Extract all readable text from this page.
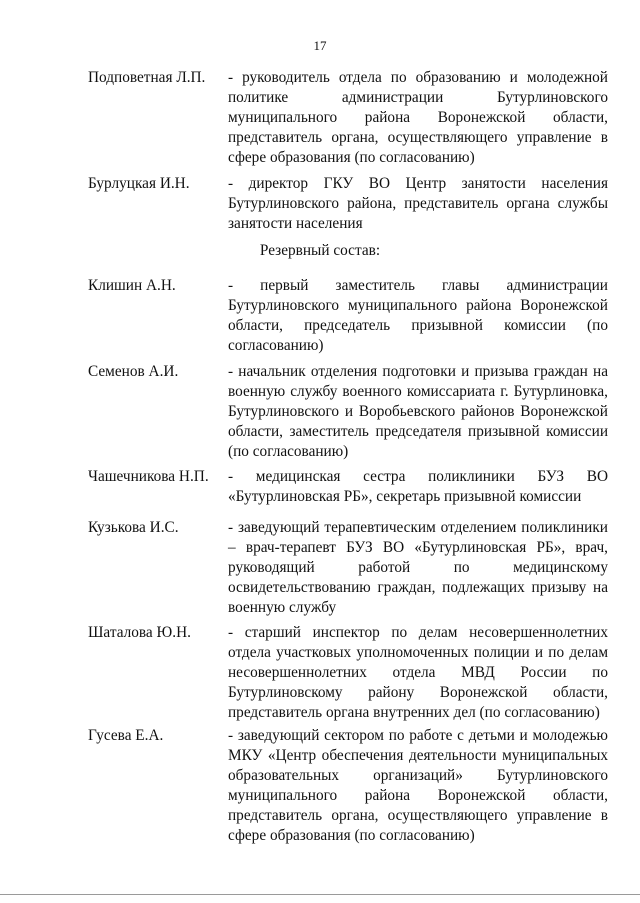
17
Подповетная Л.П. - руководитель отдела по образованию и молодежной политике администрации Бутурлиновского муниципального района Воронежской области, представитель органа, осуществляющего управление в сфере образования (по согласованию)
Бурлуцкая И.Н.	- директор ГКУ ВО Центр занятости населения Бутурлиновского района, представитель органа службы занятости населения
Резервный состав:
Клишин А.Н.	- первый заместитель главы администрации Бутурлиновского муниципального района Воронежской области, председатель призывной комиссии (по согласованию)
Семенов А.И.	- начальник отделения подготовки и призыва граждан на военную службу военного комиссариата г. Бутурлиновка, Бутурлиновского и Воробьевского районов Воронежской области, заместитель председателя призывной комиссии (по согласованию)
Чашечникова Н.П. - медицинская сестра поликлиники БУЗ ВО «Бутурлиновская РБ», секретарь призывной комиссии
Кузькова И.С.	- заведующий терапевтическим отделением поликлиники – врач-терапевт БУЗ ВО «Бутурлиновская РБ», врач, руководящий работой по медицинскому освидетельствованию граждан, подлежащих призыву на военную службу
Шаталова Ю.Н. - старший инспектор по делам несовершеннолетних отдела участковых уполномоченных полиции и по делам несовершеннолетних отдела МВД России по Бутурлиновскому району Воронежской области, представитель органа внутренних дел (по согласованию)
Гусева Е.А.	- заведующий сектором по работе с детьми и молодежью МКУ «Центр обеспечения деятельности муниципальных образовательных организаций» Бутурлиновского муниципального района Воронежской области, представитель органа, осуществляющего управление в сфере образования (по согласованию)
